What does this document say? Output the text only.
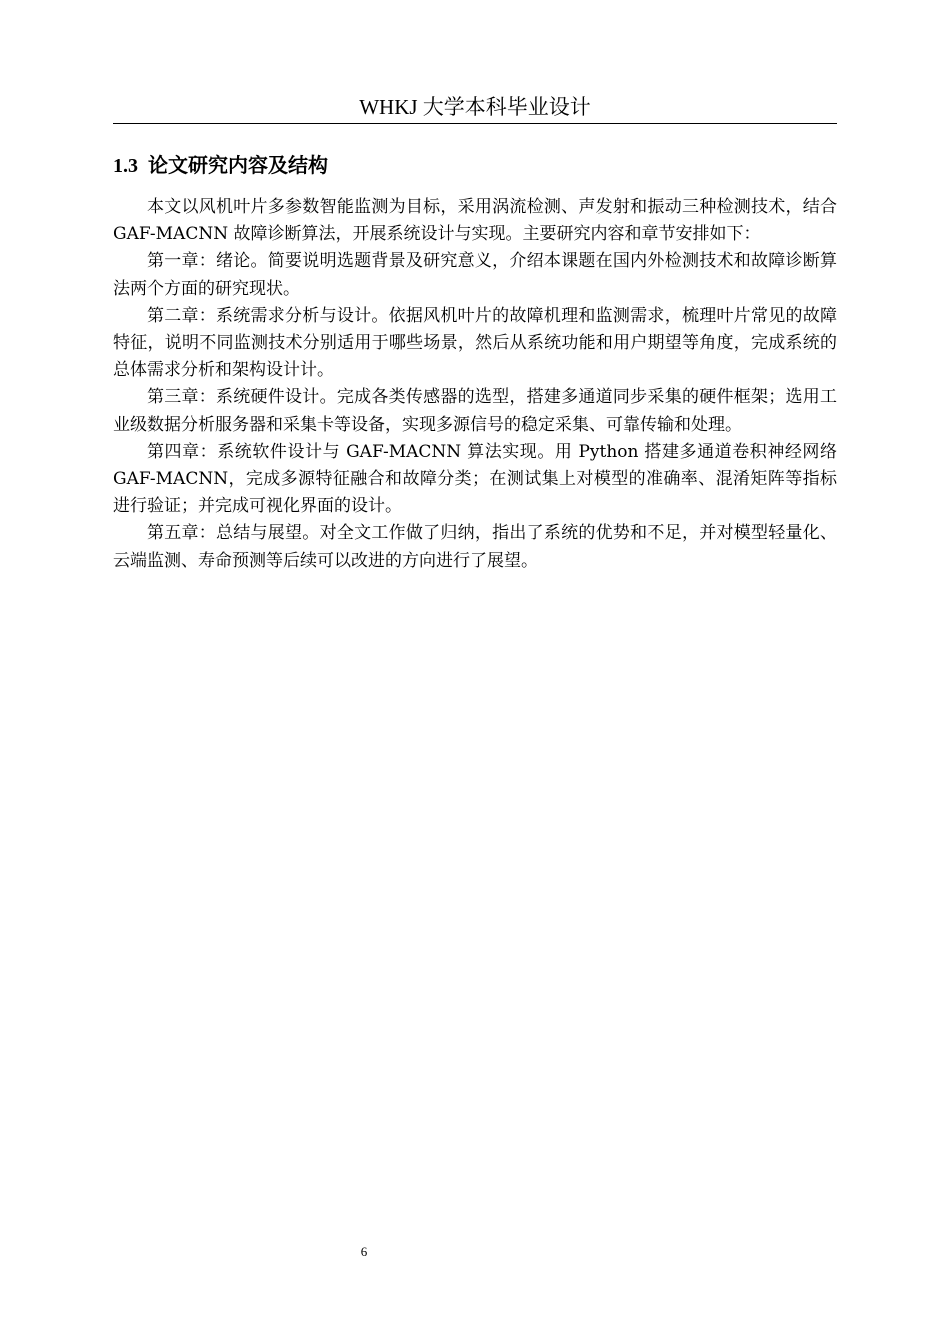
WHKJ 大学本科毕业设计
1.3 论文研究内容及结构

本文以风机叶片多参数智能监测为目标，采用涡流检测、声发射和振动三种检测技术，结合 GAF-MACNN 故障诊断算法，开展系统设计与实现。主要研究内容和章节安排如下：

第一章：绪论。简要说明选题背景及研究意义，介绍本课题在国内外检测技术和故障诊断算法两个方面的研究现状。

第二章：系统需求分析与设计。依据风机叶片的故障机理和监测需求，梳理叶片常见的故障特征，说明不同监测技术分别适用于哪些场景，然后从系统功能和用户期望等角度，完成系统的总体需求分析和架构设计计。

第三章：系统硬件设计。完成各类传感器的选型，搭建多通道同步采集的硬件框架；选用工业级数据分析服务器和采集卡等设备，实现多源信号的稳定采集、可靠传输和处理。

第四章：系统软件设计与 GAF-MACNN 算法实现。用 Python 搭建多通道卷积神经网络 GAF-MACNN，完成多源特征融合和故障分类；在测试集上对模型的准确率、混淆矩阵等指标进行验证；并完成可视化界面的设计。

第五章：总结与展望。对全文工作做了归纳，指出了系统的优势和不足，并对模型轻量化、云端监测、寿命预测等后续可以改进的方向进行了展望。

6
